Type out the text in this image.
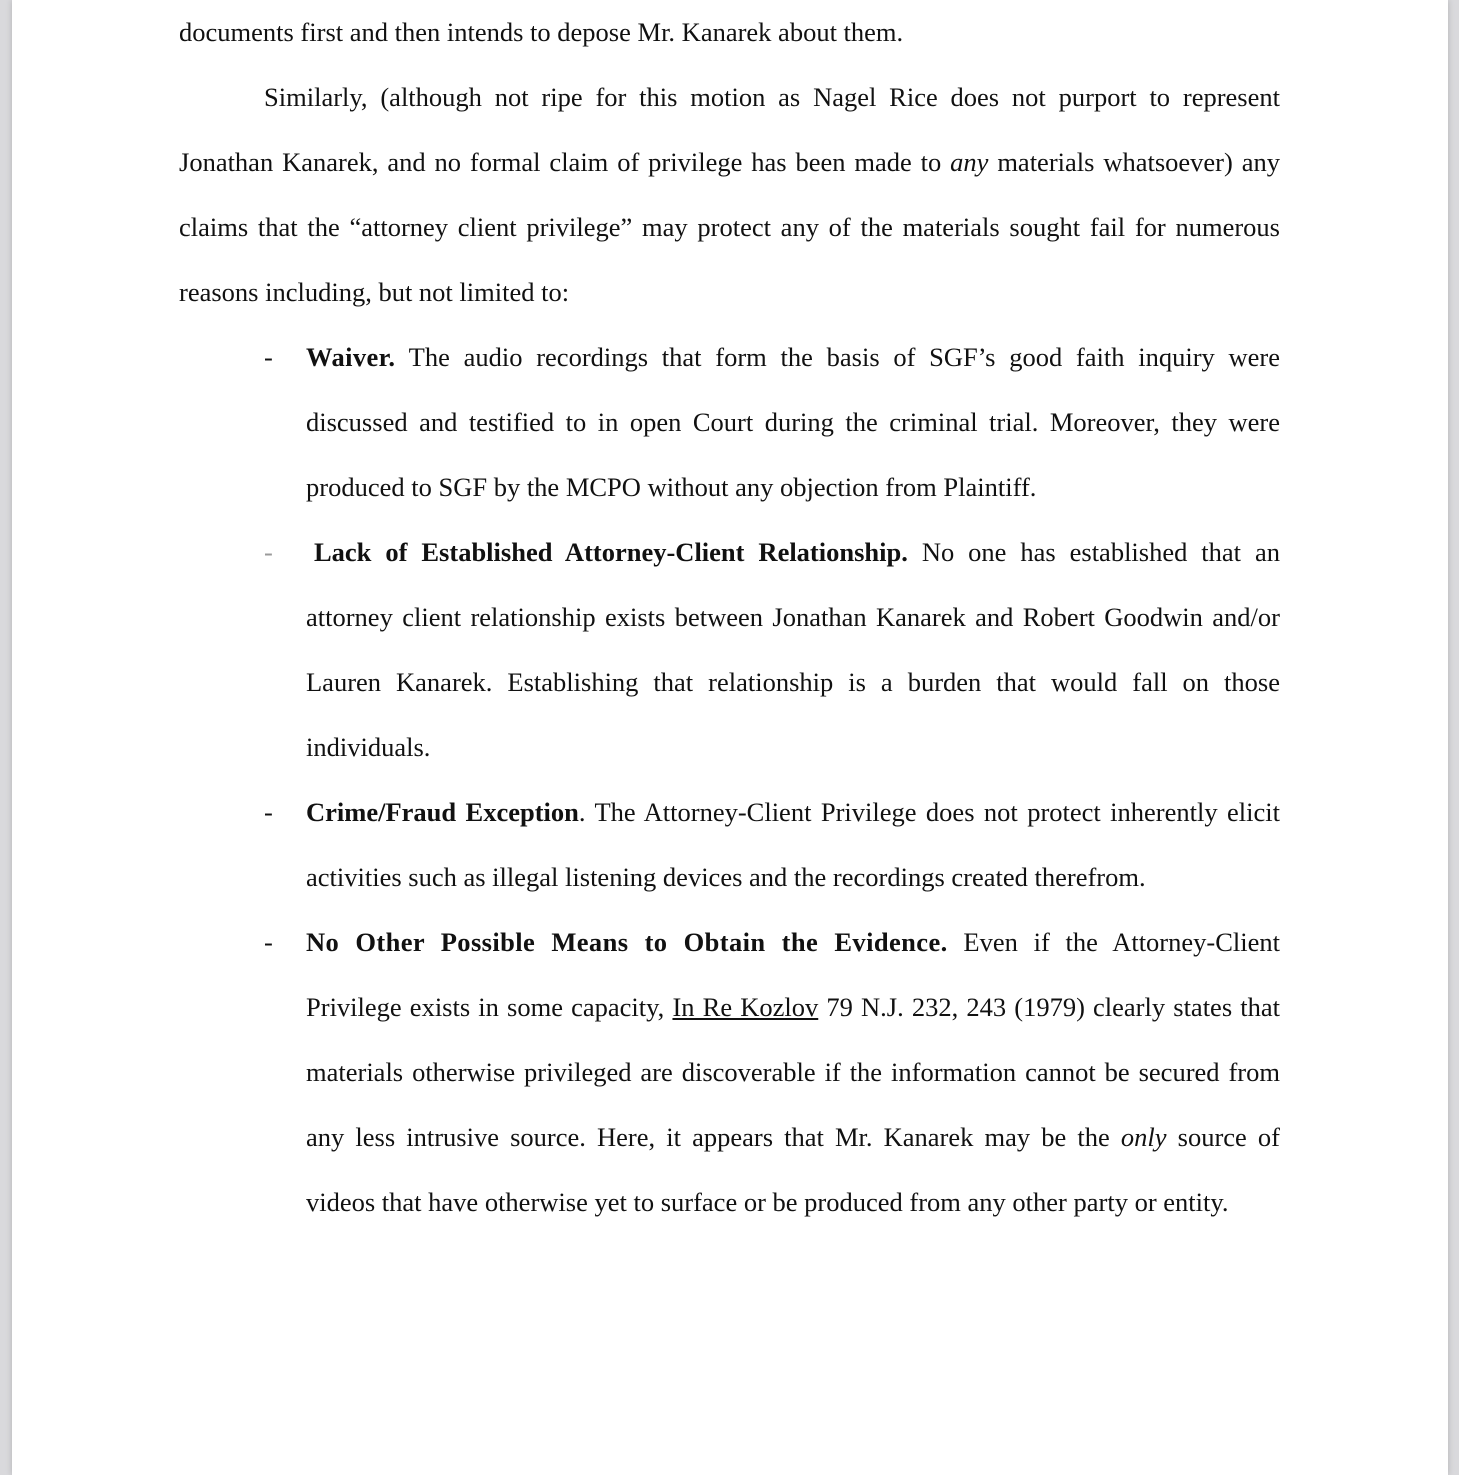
documents first and then intends to depose Mr. Kanarek about them.

Similarly, (although not ripe for this motion as Nagel Rice does not purport to represent Jonathan Kanarek, and no formal claim of privilege has been made to any materials whatsoever) any claims that the “attorney client privilege” may protect any of the materials sought fail for numerous reasons including, but not limited to:

- Waiver. The audio recordings that form the basis of SGF’s good faith inquiry were discussed and testified to in open Court during the criminal trial. Moreover, they were produced to SGF by the MCPO without any objection from Plaintiff.
- Lack of Established Attorney-Client Relationship. No one has established that an attorney client relationship exists between Jonathan Kanarek and Robert Goodwin and/or Lauren Kanarek. Establishing that relationship is a burden that would fall on those individuals.
- Crime/Fraud Exception. The Attorney-Client Privilege does not protect inherently elicit activities such as illegal listening devices and the recordings created therefrom.
- No Other Possible Means to Obtain the Evidence. Even if the Attorney-Client Privilege exists in some capacity, In Re Kozlov 79 N.J. 232, 243 (1979) clearly states that materials otherwise privileged are discoverable if the information cannot be secured from any less intrusive source. Here, it appears that Mr. Kanarek may be the only source of videos that have otherwise yet to surface or be produced from any other party or entity.
